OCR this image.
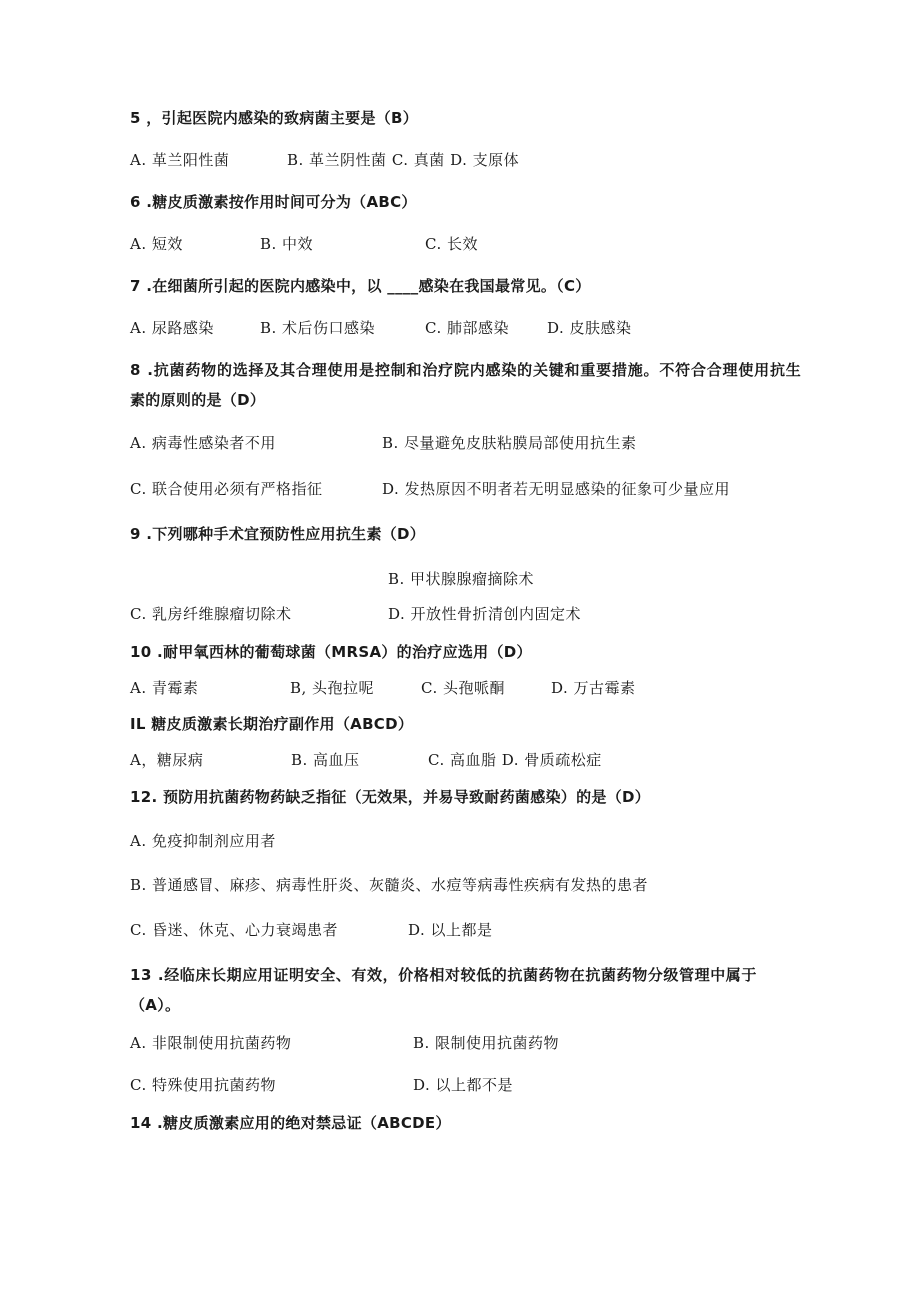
5 ，引起医院内感染的致病菌主要是（B）
A. 革兰阳性菌	B. 革兰阴性菌 C. 真菌 D. 支原体
6 .糖皮质激素按作用时间可分为（ABC）
A. 短效	B. 中效	C. 长效
7 .在细菌所引起的医院内感染中，以 ____感染在我国最常见。（C）
A. 尿路感染	B. 术后伤口感染	C. 肺部感染	D. 皮肤感染
8 .抗菌药物的选择及其合理使用是控制和治疗院内感染的关键和重要措施。不符合合理使用抗生
素的原则的是（D）
A. 病毒性感染者不用	B. 尽量避免皮肤粘膜局部使用抗生素
C. 联合使用必须有严格指征	D. 发热原因不明者若无明显感染的征象可少量应用
9 .下列哪种手术宜预防性应用抗生素（D）
B. 甲状腺腺瘤摘除术
C. 乳房纤维腺瘤切除术	D. 开放性骨折清创内固定术
10 .耐甲氧西林的葡萄球菌（MRSA）的治疗应选用（D）
A. 青霉素	B, 头孢拉呢	C. 头孢哌酮	D. 万古霉素
IL 糖皮质激素长期治疗副作用（ABCD）
A，糖尿病	B. 高血压	C. 高血脂 D. 骨质疏松症
12. 预防用抗菌药物药缺乏指征（无效果，并易导致耐药菌感染）的是（D）
A. 免疫抑制剂应用者
B. 普通感冒、麻疹、病毒性肝炎、灰髓炎、水痘等病毒性疾病有发热的患者
C. 昏迷、休克、心力衰竭患者	D. 以上都是
13 .经临床长期应用证明安全、有效，价格相对较低的抗菌药物在抗菌药物分级管理中属于
（A）。
A. 非限制使用抗菌药物	B. 限制使用抗菌药物
C. 特殊使用抗菌药物	D. 以上都不是
14 .糖皮质激素应用的绝对禁忌证（ABCDE）
